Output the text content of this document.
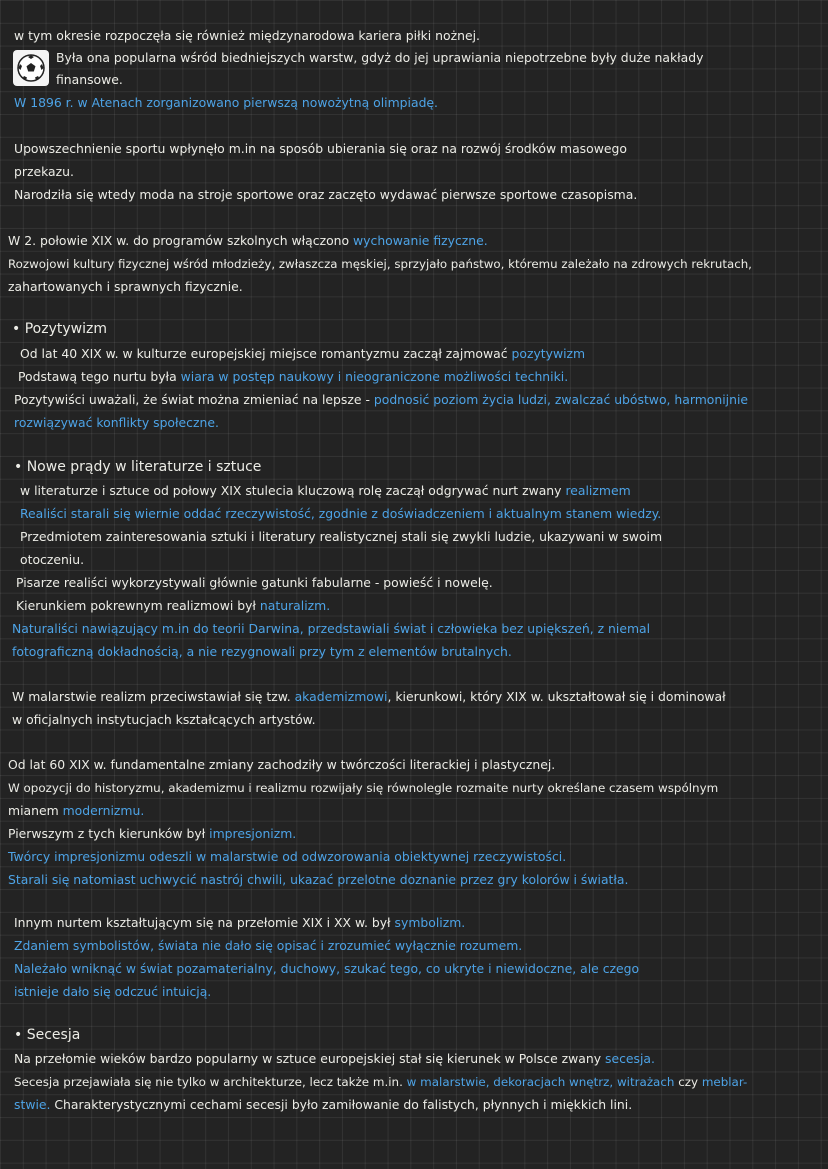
w tym okresie rozpoczęła się również międzynarodowa kariera piłki nożnej.
Była ona popularna wśród biedniejszych warstw, gdyż do jej uprawiania niepotrzebne były duże nakłady
finansowe.
W 1896 r. w Atenach zorganizowano pierwszą nowożytną olimpiadę.
Upowszechnienie sportu wpłynęło m.in na sposób ubierania się oraz na rozwój środków masowego
przekazu.
Narodziła się wtedy moda na stroje sportowe oraz zaczęto wydawać pierwsze sportowe czasopisma.
W 2. połowie XIX w. do programów szkolnych włączono wychowanie fizyczne.
Rozwojowi kultury fizycznej wśród młodzieży, zwłaszcza męskiej, sprzyjało państwo, któremu zależało na zdrowych rekrutach,
zahartowanych i sprawnych fizycznie.
• Pozytywizm
Od lat 40 XIX w. w kulturze europejskiej miejsce romantyzmu zaczął zajmować pozytywizm
Podstawą tego nurtu była wiara w postęp naukowy i nieograniczone możliwości techniki.
Pozytywiści uważali, że świat można zmieniać na lepsze - podnosić poziom życia ludzi, zwalczać ubóstwo, harmonijnie
rozwiązywać konflikty społeczne.
• Nowe prądy w literaturze i sztuce
w literaturze i sztuce od połowy XIX stulecia kluczową rolę zaczął odgrywać nurt zwany realizmem
Realiści starali się wiernie oddać rzeczywistość, zgodnie z doświadczeniem i aktualnym stanem wiedzy.
Przedmiotem zainteresowania sztuki i literatury realistycznej stali się zwykli ludzie, ukazywani w swoim
otoczeniu.
Pisarze realiści wykorzystywali głównie gatunki fabularne - powieść i nowelę.
Kierunkiem pokrewnym realizmowi był naturalizm.
Naturaliści nawiązujący m.in do teorii Darwina, przedstawiali świat i człowieka bez upiększeń, z niemal
fotograficzną dokładnością, a nie rezygnowali przy tym z elementów brutalnych.
W malarstwie realizm przeciwstawiał się tzw. akademizmowi, kierunkowi, który XIX w. ukształtował się i dominował
w oficjalnych instytucjach kształcących artystów.
Od lat 60 XIX w. fundamentalne zmiany zachodziły w twórczości literackiej i plastycznej.
W opozycji do historyzmu, akademizmu i realizmu rozwijały się równolegle rozmaite nurty określane czasem wspólnym
mianem modernizmu.
Pierwszym z tych kierunków był impresjonizm.
Twórcy impresjonizmu odeszli w malarstwie od odwzorowania obiektywnej rzeczywistości.
Starali się natomiast uchwycić nastrój chwili, ukazać przelotne doznanie przez gry kolorów i światła.
Innym nurtem kształtującym się na przełomie XIX i XX w. był symbolizm.
Zdaniem symbolistów, świata nie dało się opisać i zrozumieć wyłącznie rozumem.
Należało wniknąć w świat pozamaterialny, duchowy, szukać tego, co ukryte i niewidoczne, ale czego
istnieje dało się odczuć intuicją.
• Secesja
Na przełomie wieków bardzo popularny w sztuce europejskiej stał się kierunek w Polsce zwany secesja.
Secesja przejawiała się nie tylko w architekturze, lecz także m.in. w malarstwie, dekoracjach wnętrz, witrażach czy meblar-
stwie. Charakterystycznymi cechami secesji było zamiłowanie do falistych, płynnych i miękkich lini.
